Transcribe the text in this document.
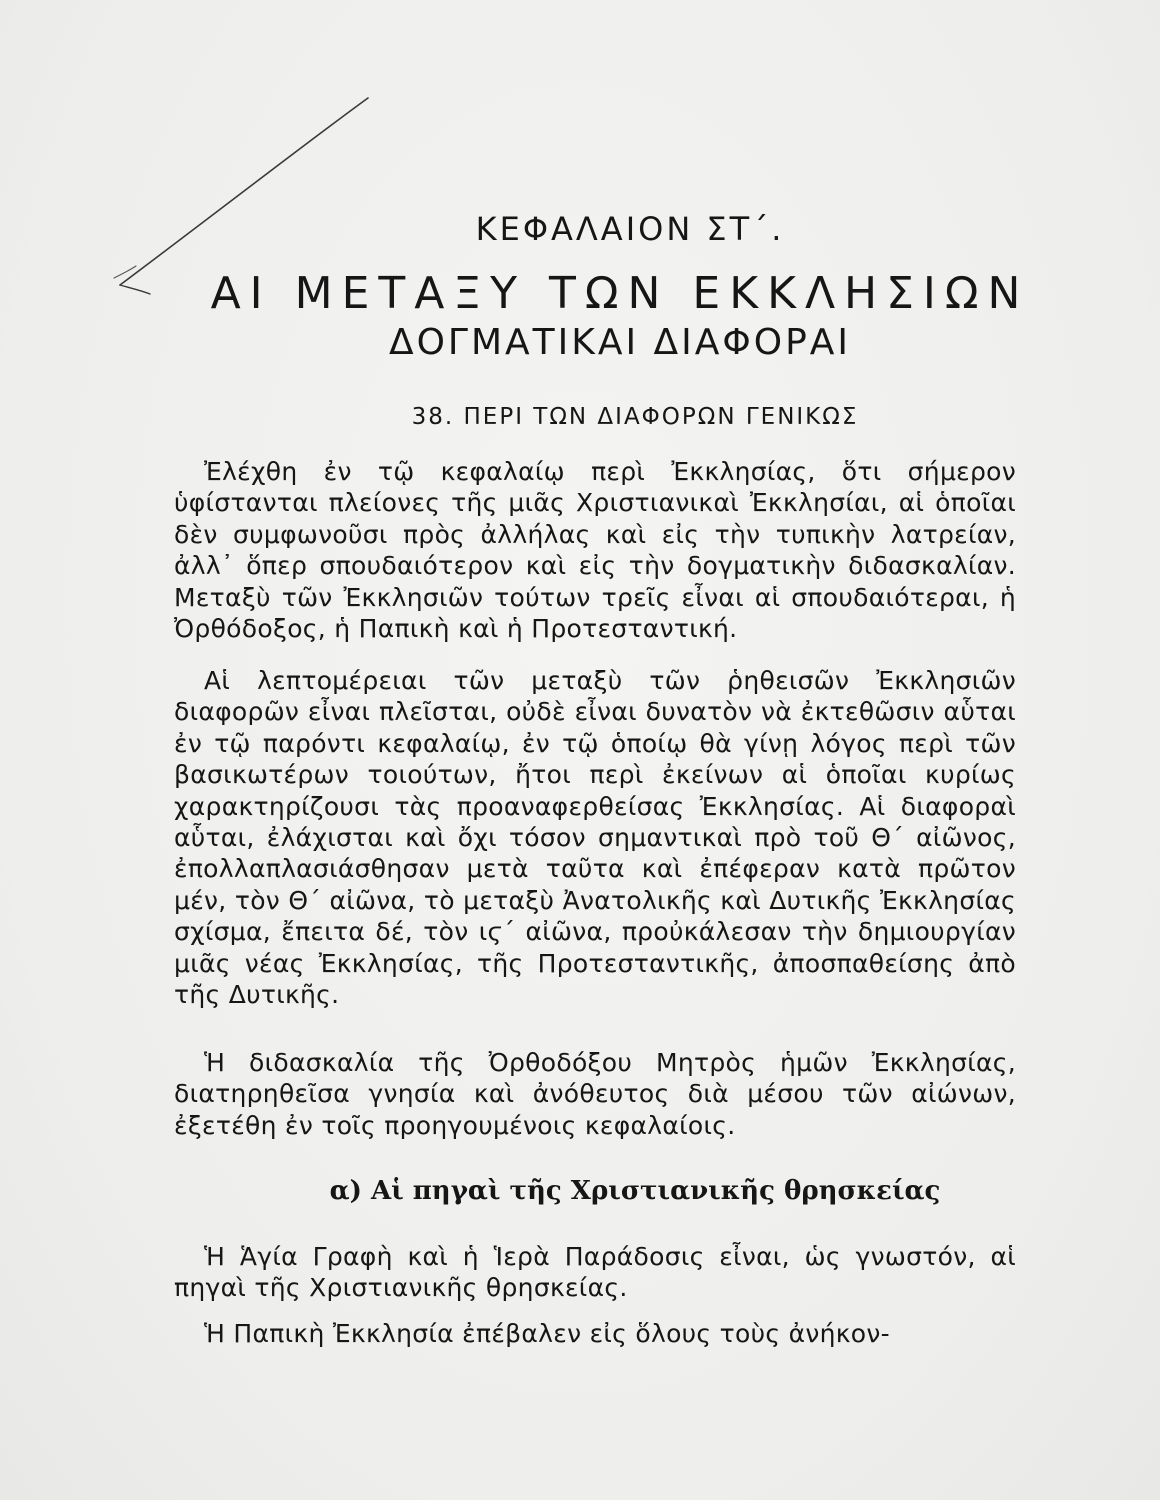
ΚΕΦΑΛΑΙΟΝ ΣΤ΄.
ΑΙ ΜΕΤΑΞΥ ΤΩΝ ΕΚΚΛΗΣΙΩΝ
ΔΟΓΜΑΤΙΚΑΙ ΔΙΑΦΟΡΑΙ
38. ΠΕΡΙ ΤΩΝ ΔΙΑΦΟΡΩΝ ΓΕΝΙΚΩΣ
Ἐλέχθη ἐν τῷ κεφαλαίῳ περὶ Ἐκκλησίας, ὅτι σήμερον ὑφίστανται πλείονες τῆς μιᾶς Χριστιανικαὶ Ἐκκλησίαι, αἱ ὁποῖαι δὲν συμφωνοῦσι πρὸς ἀλλήλας καὶ εἰς τὴν τυπικὴν λατρείαν, ἀλλ᾿ ὅπερ σπουδαιότερον καὶ εἰς τὴν δογματικὴν διδασκαλίαν. Μεταξὺ τῶν Ἐκκλησιῶν τούτων τρεῖς εἶναι αἱ σπουδαιότεραι, ἡ Ὀρθόδοξος, ἡ Παπικὴ καὶ ἡ Προτεσταντική.
Αἱ λεπτομέρειαι τῶν μεταξὺ τῶν ῥηθεισῶν Ἐκκλησιῶν διαφορῶν εἶναι πλεῖσται, οὐδὲ εἶναι δυνατὸν νὰ ἐκτεθῶσιν αὗται ἐν τῷ παρόντι κεφαλαίῳ, ἐν τῷ ὁποίῳ θὰ γίνῃ λόγος περὶ τῶν βασικωτέρων τοιούτων, ἤτοι περὶ ἐκείνων αἱ ὁποῖαι κυρίως χαρακτηρίζουσι τὰς προαναφερθείσας Ἐκκλησίας. Αἱ διαφοραὶ αὗται, ἐλάχισται καὶ ὄχι τόσον σημαντικαὶ πρὸ τοῦ Θ΄ αἰῶνος, ἐπολλαπλασιάσθησαν μετὰ ταῦτα καὶ ἐπέφεραν κατὰ πρῶτον μέν, τὸν Θ΄ αἰῶνα, τὸ μεταξὺ Ἀνατολικῆς καὶ Δυτικῆς Ἐκκλησίας σχίσμα, ἔπειτα δέ, τὸν ιϛ΄ αἰῶνα, προὐκάλεσαν τὴν δημιουργίαν μιᾶς νέας Ἐκκλησίας, τῆς Προτεσταντικῆς, ἀποσπαθείσης ἀπὸ τῆς Δυτικῆς.
Ἡ διδασκαλία τῆς Ὀρθοδόξου Μητρὸς ἡμῶν Ἐκκλησίας, διατηρηθεῖσα γνησία καὶ ἀνόθευτος διὰ μέσου τῶν αἰώνων, ἐξετέθη ἐν τοῖς προηγουμένοις κεφαλαίοις.
α) Αἱ πηγαὶ τῆς Χριστιανικῆς θρησκείας
Ἡ Ἁγία Γραφὴ καὶ ἡ Ἱερὰ Παράδοσις εἶναι, ὡς γνωστόν, αἱ πηγαὶ τῆς Χριστιανικῆς θρησκείας.
Ἡ Παπικὴ Ἐκκλησία ἐπέβαλεν εἰς ὅλους τοὺς ἀνήκον-
